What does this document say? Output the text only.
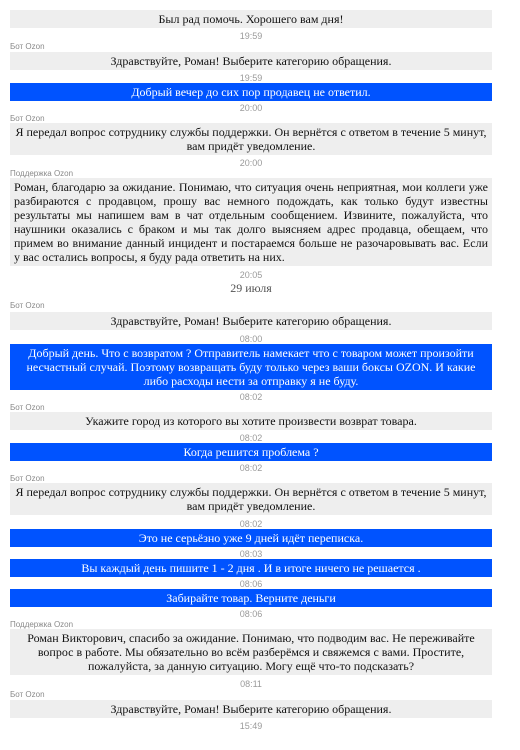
Был рад помочь. Хорошего вам дня!
19:59
Бот Ozon
Здравствуйте, Роман! Выберите категорию обращения.
19:59
Добрый вечер до сих пор продавец не ответил.
20:00
Бот Ozon
Я передал вопрос сотруднику службы поддержки. Он вернётся с ответом в течение 5 минут, вам придёт уведомление.
20:00
Поддержка Ozon
Роман, благодарю за ожидание. Понимаю, что ситуация очень неприятная, мои коллеги уже разбираются с продавцом, прошу вас немного подождать, как только будут известны результаты мы напишем вам в чат отдельным сообщением. Извините, пожалуйста, что наушники оказались с браком и мы так долго выясняем адрес продавца, обещаем, что примем во внимание данный инцидент и постараемся больше не разочаровывать вас. Если у вас остались вопросы, я буду рада ответить на них.
20:05
29 июля
Бот Ozon
Здравствуйте, Роман! Выберите категорию обращения.
08:00
Добрый день. Что с возвратом ? Отправитель намекает что с товаром может произойти несчастный случай. Поэтому возвращать буду только через ваши боксы OZON. И какие либо расходы нести за отправку я не буду.
08:02
Бот Ozon
Укажите город из которого вы хотите произвести возврат товара.
08:02
Когда решится проблема ?
08:02
Бот Ozon
Я передал вопрос сотруднику службы поддержки. Он вернётся с ответом в течение 5 минут, вам придёт уведомление.
08:02
Это не серьёзно уже 9 дней идёт переписка.
08:03
Вы каждый день пишите 1 - 2 дня . И в итоге ничего не решается .
08:06
Забирайте товар. Верните деньги
08:06
Поддержка Ozon
Роман Викторович, спасибо за ожидание. Понимаю, что подводим вас. Не переживайте вопрос в работе. Мы обязательно во всём разберёмся и свяжемся с вами. Простите, пожалуйста, за данную ситуацию. Могу ещё что-то подсказать?
08:11
Бот Ozon
Здравствуйте, Роман! Выберите категорию обращения.
15:49
